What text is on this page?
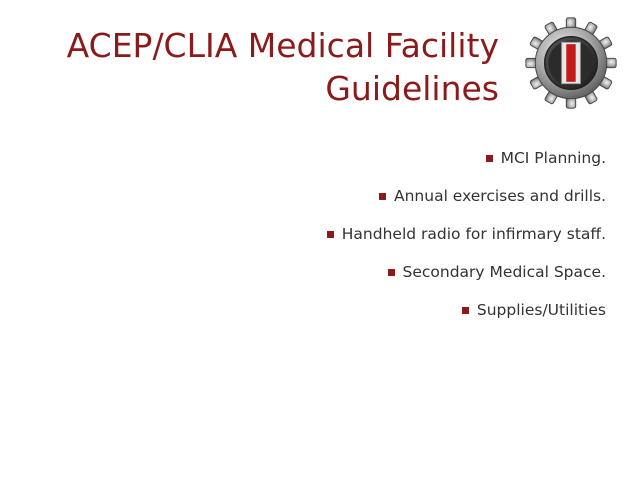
ACEP/CLIA Medical Facility
Guidelines
MCI Planning.
Annual exercises and drills.
Handheld radio for infirmary staff.
Secondary Medical Space.
Supplies/Utilities
